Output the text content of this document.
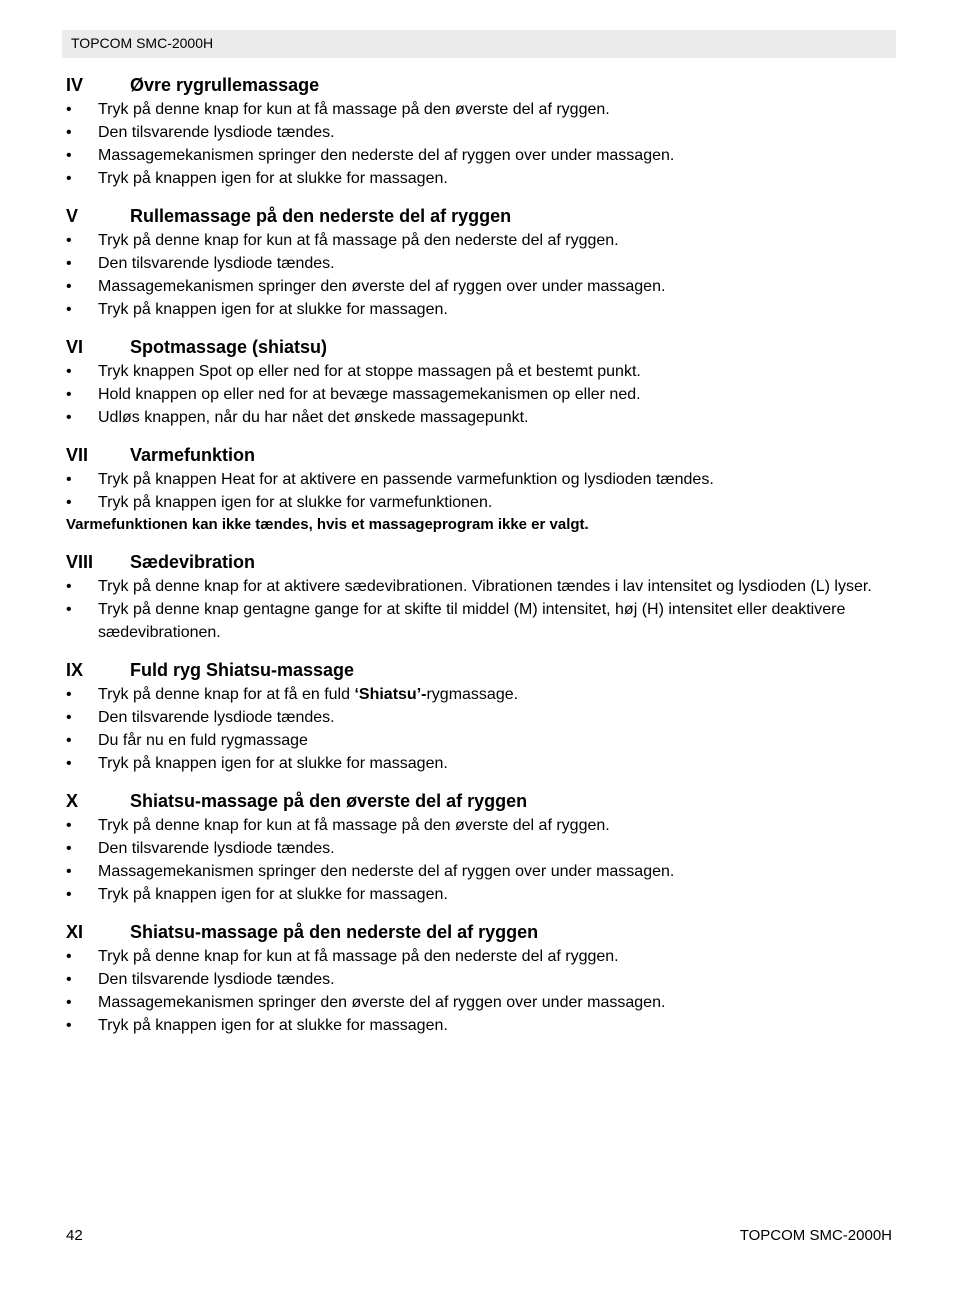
TOPCOM SMC-2000H
IV	Øvre rygrullemassage
• Tryk på denne knap for kun at få massage på den øverste del af ryggen.
• Den tilsvarende lysdiode tændes.
• Massagemekanismen springer den nederste del af ryggen over under massagen.
• Tryk på knappen igen for at slukke for massagen.
V	Rullemassage på den nederste del af ryggen
• Tryk på denne knap for kun at få massage på den nederste del af ryggen.
• Den tilsvarende lysdiode tændes.
• Massagemekanismen springer den øverste del af ryggen over under massagen.
• Tryk på knappen igen for at slukke for massagen.
VI	Spotmassage (shiatsu)
• Tryk knappen Spot op eller ned for at stoppe massagen på et bestemt punkt.
• Hold knappen op eller ned for at bevæge massagemekanismen op eller ned.
• Udløs knappen, når du har nået det ønskede massagepunkt.
VII Varmefunktion
• Tryk på knappen Heat for at aktivere en passende varmefunktion og lysdioden tændes.
• Tryk på knappen igen for at slukke for varmefunktionen.
Varmefunktionen kan ikke tændes, hvis et massageprogram ikke er valgt.
VIII Sædevibration
• Tryk på denne knap for at aktivere sædevibrationen. Vibrationen tændes i lav intensitet og lysdioden (L) lyser.
• Tryk på denne knap gentagne gange for at skifte til middel (M) intensitet, høj (H) intensitet eller deaktivere sædevibrationen.
IX	Fuld ryg Shiatsu-massage
• Tryk på denne knap for at få en fuld ‘Shiatsu’-rygmassage.
• Den tilsvarende lysdiode tændes.
• Du får nu en fuld rygmassage
• Tryk på knappen igen for at slukke for massagen.
X	Shiatsu-massage på den øverste del af ryggen
• Tryk på denne knap for kun at få massage på den øverste del af ryggen.
• Den tilsvarende lysdiode tændes.
• Massagemekanismen springer den nederste del af ryggen over under massagen.
• Tryk på knappen igen for at slukke for massagen.
XI	Shiatsu-massage på den nederste del af ryggen
• Tryk på denne knap for kun at få massage på den nederste del af ryggen.
• Den tilsvarende lysdiode tændes.
• Massagemekanismen springer den øverste del af ryggen over under massagen.
• Tryk på knappen igen for at slukke for massagen.
42	TOPCOM SMC-2000H
